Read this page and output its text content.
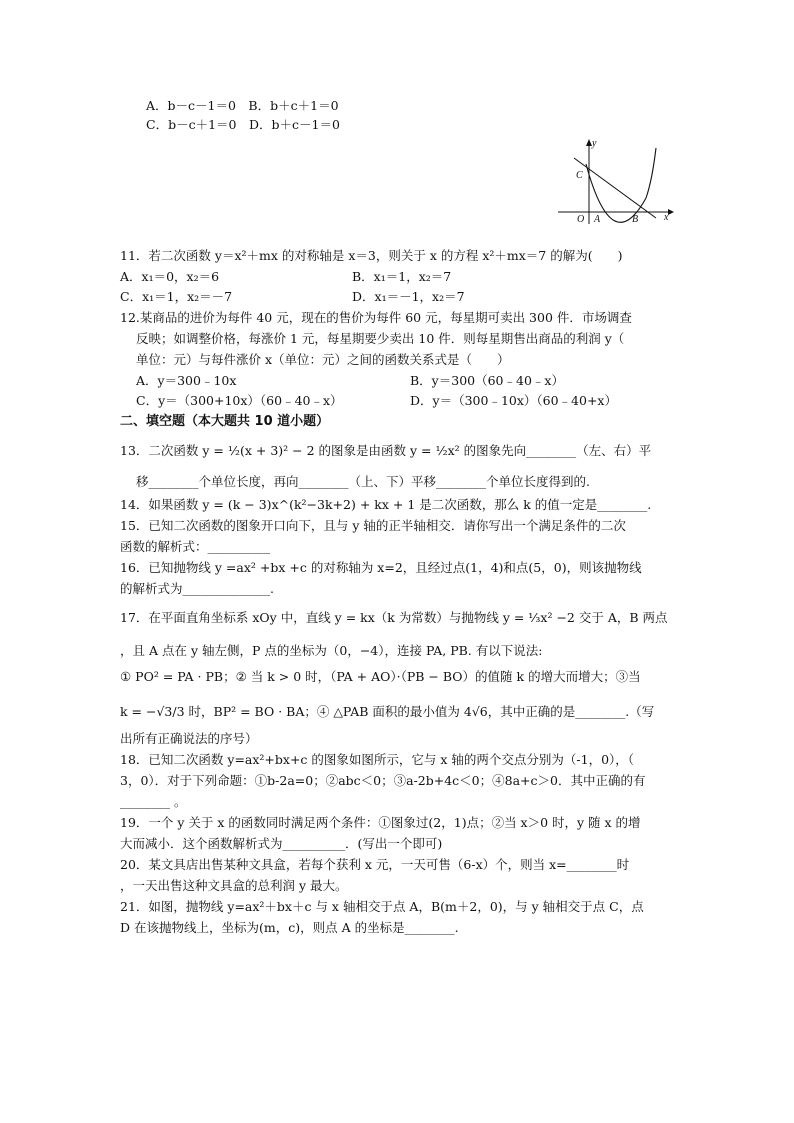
A．b－c－1＝0　B．b＋c＋1＝0
C．b－c＋1＝0　D．b＋c－1＝0
y
x
O A	B
C
11．若二次函数 y＝x²＋mx 的对称轴是 x＝3，则关于 x 的方程 x²＋mx＝7 的解为(　　)
A．x₁＝0，x₂＝6	B．x₁＝1，x₂＝7
C．x₁＝1，x₂＝－7	D．x₁＝－1，x₂＝7
12.某商品的进价为每件 40 元，现在的售价为每件 60 元，每星期可卖出 300 件．市场调查
反映；如调整价格，每涨价 1 元，每星期要少卖出 10 件．则每星期售出商品的利润 y（
单位：元）与每件涨价 x（单位：元）之间的函数关系式是（　　）
A．y＝300﹣10x	B．y＝300（60﹣40﹣x）
C．y＝（300+10x）（60﹣40﹣x）	D．y＝（300﹣10x）（60﹣40+x）
二、填空题（本大题共 10 道小题）
13．二次函数 y = ½(x + 3)² − 2 的图象是由函数 y = ½x² 的图象先向________（左、右）平
移________个单位长度，再向________（上、下）平移________个单位长度得到的.
14．如果函数 y = (k − 3)x^(k²−3k+2) + kx + 1 是二次函数，那么 k 的值一定是________.
15．已知二次函数的图象开口向下，且与 y 轴的正半轴相交．请你写出一个满足条件的二次
函数的解析式：__________
16．已知抛物线 y =ax² +bx +c 的对称轴为 x=2，且经过点(1，4)和点(5，0)，则该抛物线
的解析式为______________.
17．在平面直角坐标系 xOy 中，直线 y = kx（k 为常数）与抛物线 y = ⅓x² −2 交于 A，B 两点
，且 A 点在 y 轴左侧，P 点的坐标为（0，−4），连接 PA, PB. 有以下说法:
① PO² = PA · PB；② 当 k > 0 时，（PA + AO）·（PB − BO）的值随 k 的增大而增大；③当
k = −√3/3 时，BP² = BO · BA；④ △PAB 面积的最小值为 4√6，其中正确的是________.（写
出所有正确说法的序号）
18．已知二次函数 y=ax²+bx+c 的图象如图所示，它与 x 轴的两个交点分别为（-1，0），（
3，0）．对于下列命题：①b-2a=0；②abc＜0；③a-2b+4c＜0；④8a+c＞0．其中正确的有
________ 。
19．一个 y 关于 x 的函数同时满足两个条件：①图象过(2，1)点；②当 x＞0 时，y 随 x 的增
大而减小．这个函数解析式为__________．(写出一个即可)
20．某文具店出售某种文具盒，若每个获利 x 元，一天可售（6-x）个，则当 x=________时
，一天出售这种文具盒的总利润 y 最大。
21．如图，抛物线 y=ax²＋bx＋c 与 x 轴相交于点 A，B(m＋2，0)，与 y 轴相交于点 C，点
D 在该抛物线上，坐标为(m，c)，则点 A 的坐标是________.
